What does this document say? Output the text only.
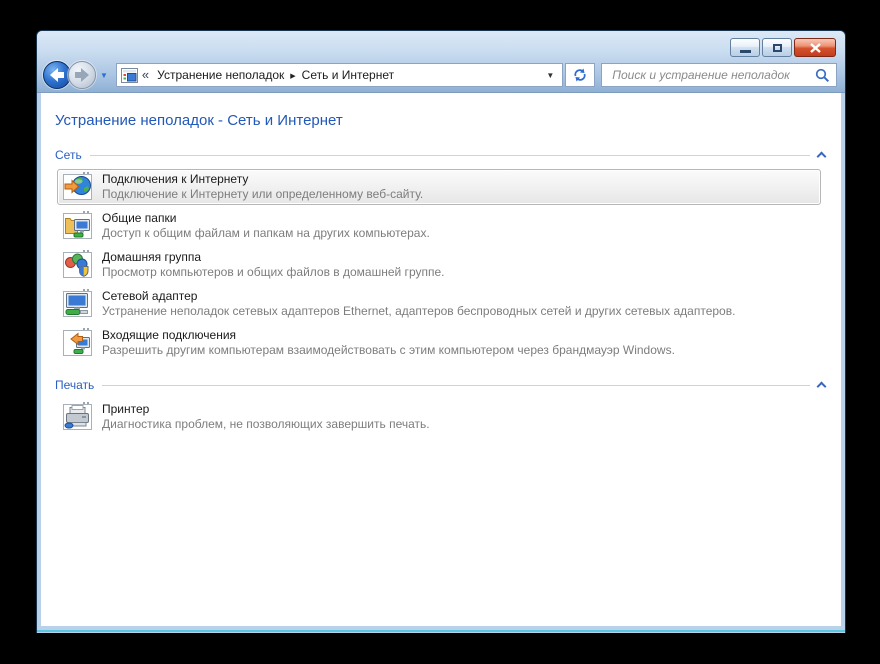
▼	« Устранение неполадок ▶ Сеть и Интернет	▼
Поиск и устранение неполадок
Устранение неполадок - Сеть и Интернет
Сеть
Подключения к Интернету
Подключение к Интернету или определенному веб-сайту.
Общие папки
Доступ к общим файлам и папкам на других компьютерах.
Домашняя группа
Просмотр компьютеров и общих файлов в домашней группе.
Сетевой адаптер
Устранение неполадок сетевых адаптеров Ethernet, адаптеров беспроводных сетей и других сетевых адаптеров.
Входящие подключения
Разрешить другим компьютерам взаимодействовать с этим компьютером через брандмауэр Windows.
Печать
Принтер
Диагностика проблем, не позволяющих завершить печать.
